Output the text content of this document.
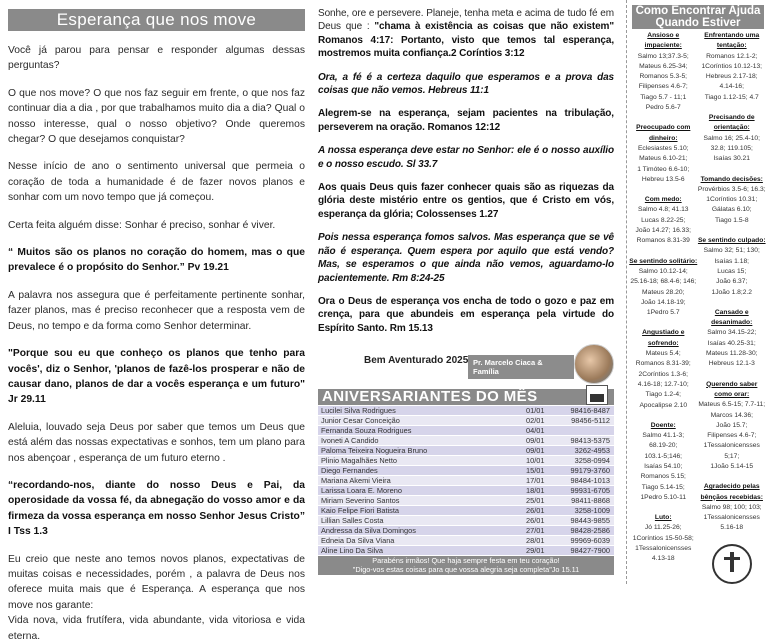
Esperança que nos move
Você já parou para pensar e responder algumas dessas perguntas?
O que nos move? O que nos faz seguir em frente, o que nos faz continuar dia a dia , por que trabalhamos muito dia a dia? Qual o nosso interesse, qual o nosso objetivo? Onde queremos chegar? O que desejamos conquistar?
Nesse início de ano o sentimento universal que permeia o coração de toda a humanidade é de fazer novos planos e sonhar com um novo tempo que já começou.
Certa feita alguém disse: Sonhar é preciso, sonhar é viver.
“ Muitos são os planos no coração do homem, mas o que prevalece é o propósito do Senhor.” Pv 19.21
A palavra nos assegura que é perfeitamente pertinente sonhar, fazer planos, mas é preciso reconhecer que a resposta vem de Deus, no tempo e da forma como Senhor determinar.
"Porque sou eu que conheço os planos que tenho para vocês', diz o Senhor, 'planos de fazê-los prosperar e não de causar dano, planos de dar a vocês esperança e um futuro" Jr 29.11
Aleluia, louvado seja Deus por saber que temos um Deus que está além das nossas expectativas e sonhos, tem um plano para nos abençoar , esperança de um futuro eterno .
“recordando-nos, diante do nosso Deus e Pai, da operosidade da vossa fé, da abnegação do vosso amor e da firmeza da vossa esperança em nosso Senhor Jesus Cristo” I Tss 1.3
Eu creio que neste ano temos novos planos, expectativas de muitas coisas e necessidades, porém , a palavra de Deus nos oferece muita mais que é Esperança. A esperança que nos move nos garante:
Vida nova, vida frutífera, vida abundante, vida vitoriosa e vida eterna.
Sonhe, ore e persevere. Planeje, tenha meta e acima de tudo fé em Deus que : "chama à existência as coisas que não existem" Romanos 4:17: Portanto, visto que temos tal esperança, mostremos muita confiança.2 Coríntios 3:12
Ora, a fé é a certeza daquilo que esperamos e a prova das coisas que não vemos. Hebreus 11:1
Alegrem-se na esperança, sejam pacientes na tribulação, perseverem na oração. Romanos 12:12
A nossa esperança deve estar no Senhor: ele é o nosso auxílio e o nosso escudo. Sl 33.7
Aos quais Deus quis fazer conhecer quais são as riquezas da glória deste mistério entre os gentios, que é Cristo em vós, esperança da glória; Colossenses 1.27
Pois nessa esperança fomos salvos. Mas esperança que se vê não é esperança. Quem espera por aquilo que está vendo? Mas, se esperamos o que ainda não vemos, aguardamo-lo pacientemente. Rm 8:24-25
Ora o Deus de esperança vos encha de todo o gozo e paz em crença, para que abundeis em esperança pela virtude do Espírito Santo. Rm 15.13
Bem Aventurado 2025 Pr. Marcelo Ciaca & Família
ANIVERSARIANTES DO MÊS
Lucilei Silva Rodrigues	01/01	98416-8487
Junior Cesar Conceição	02/01	98456-5112
Fernanda Souza Rodrigues	04/01
Ivoneti A Candido	09/01	98413-5375
Paloma Teixeira Nogueira Bruno	09/01	3262-4953
Plinio Magalhães Netto	10/01	3258-0994
Diego Fernandes	15/01	99179-3760
Mariana Akemi Vieira	17/01	98484-1013
Larissa Loara E. Moreno	18/01	99931-6705
Miriam Severino Santos	25/01	98411-8868
Kaio Felipe Fiori Batista	26/01	3258-1009
Lillian Salles Costa	26/01	98443-9855
Andressa da Silva Domingos	27/01	98428-2586
Edneia Da Silva Viana	28/01	99969-6039
Aline Lino Da Silva	29/01	98427-7900
Parabéns irmãos! Que haja sempre festa em teu coração!
"Digo-vos estas coisas para que vossa alegria seja completa"Jo 15.11
Como Encontrar Ajuda Quando Estiver
Ansioso e impaciente:
Salmo 13;37.3-5;
Mateus 6.25-34;
Romanos 5.3-5;
Filipenses 4.6-7;
Tiago 5.7 - 11;1
Pedro 5.6-7
Preocupado com dinheiro:
Eclesiastes 5.10;
Mateus 6.10-21;
1 Timóteo 6.6-10;
Hebreu 13.5-6
Com medo:
Salmo 4.8; 41.13
Lucas 8.22-25;
João 14.27; 16.33;
Romanos 8.31-39
Se sentindo solitário:
Salmo 10.12-14;
25.16-18; 68.4-6; 146;
Mateus 28.20;
João 14.18-19;
1Pedro 5.7
Angustiado e sofrendo:
Mateus 5.4;
Romanos 8.31-39;
2Coríntios 1.3-6;
4.16-18; 12.7-10;
Tiago 1.2-4;
Apocalipse 2.10
Doente:
Salmo 41.1-3;
68.19-20;
103.1-5;146;
Isaías 54.10;
Romanos 5.15;
Tiago 5.14-15;
1Pedro 5.10-11
Luto:
Jó 11.25-26;
1Coríntios 15-50-58;
1Tessalonicensses
4.13-18
Enfrentando uma tentação:
Romanos 12.1-2;
1Coríntios 10.12-13;
Hebreus 2.17-18;
4.14-16;
Tiago 1.12-15; 4.7
Precisando de orientação:
Salmo 16; 25.4-10;
32.8; 119.105;
Isaías 30.21
Tomando decisões:
Provérbios 3.5-6; 16.3;
1Coríntios 10.31;
Gálatas 6.10;
Tiago 1.5-8
Se sentindo culpado:
Salmo 32; 51; 130;
Isaías 1.18;
Lucas 15;
João 6.37;
1João 1.8;2.2
Cansado e desanimado:
Salmo 34.15-22;
Isaías 40.25-31;
Mateus 11.28-30;
Hebreus 12.1-3
Querendo saber como orar:
Mateus 6.5-15; 7.7-11;
Marcos 14.36;
João 15.7;
Filipenses 4.6-7;
1Tessalonicensses 5;17;
1João 5.14-15
Agradecido pelas bênçãos recebidas:
Salmo 98; 100; 103;
1Tessalonicensses
5.16-18
